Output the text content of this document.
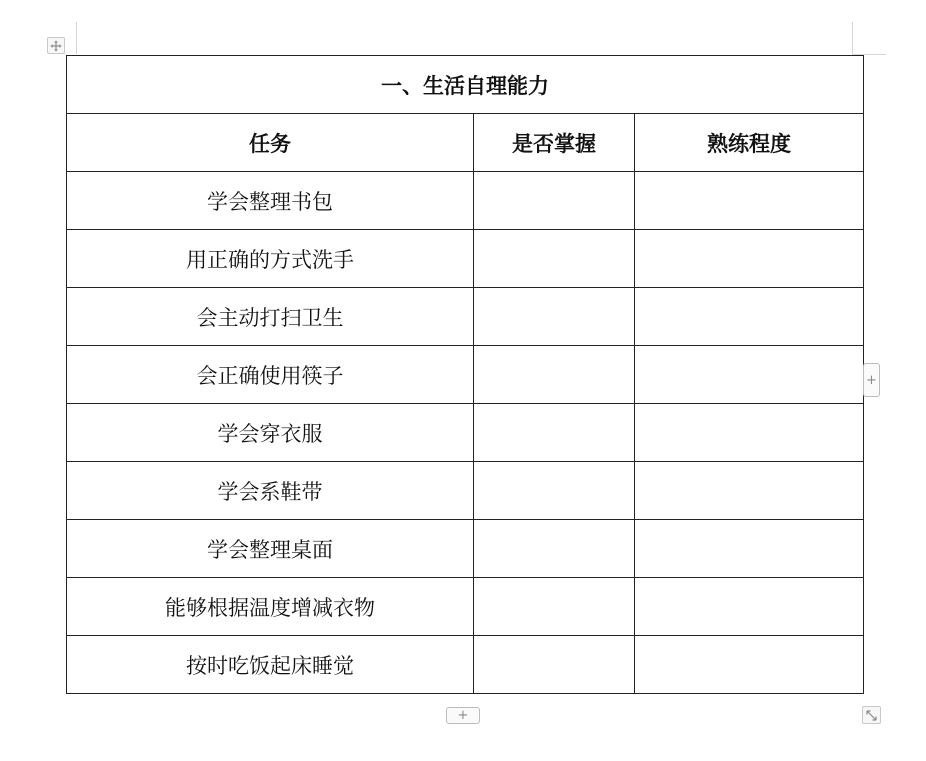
一、生活自理能力		
任务	是否掌握	熟练程度
学会整理书包		
用正确的方式洗手		
会主动打扫卫生		
会正确使用筷子		
学会穿衣服		
学会系鞋带		
学会整理桌面		
能够根据温度增减衣物		
按时吃饭起床睡觉		
+
+
